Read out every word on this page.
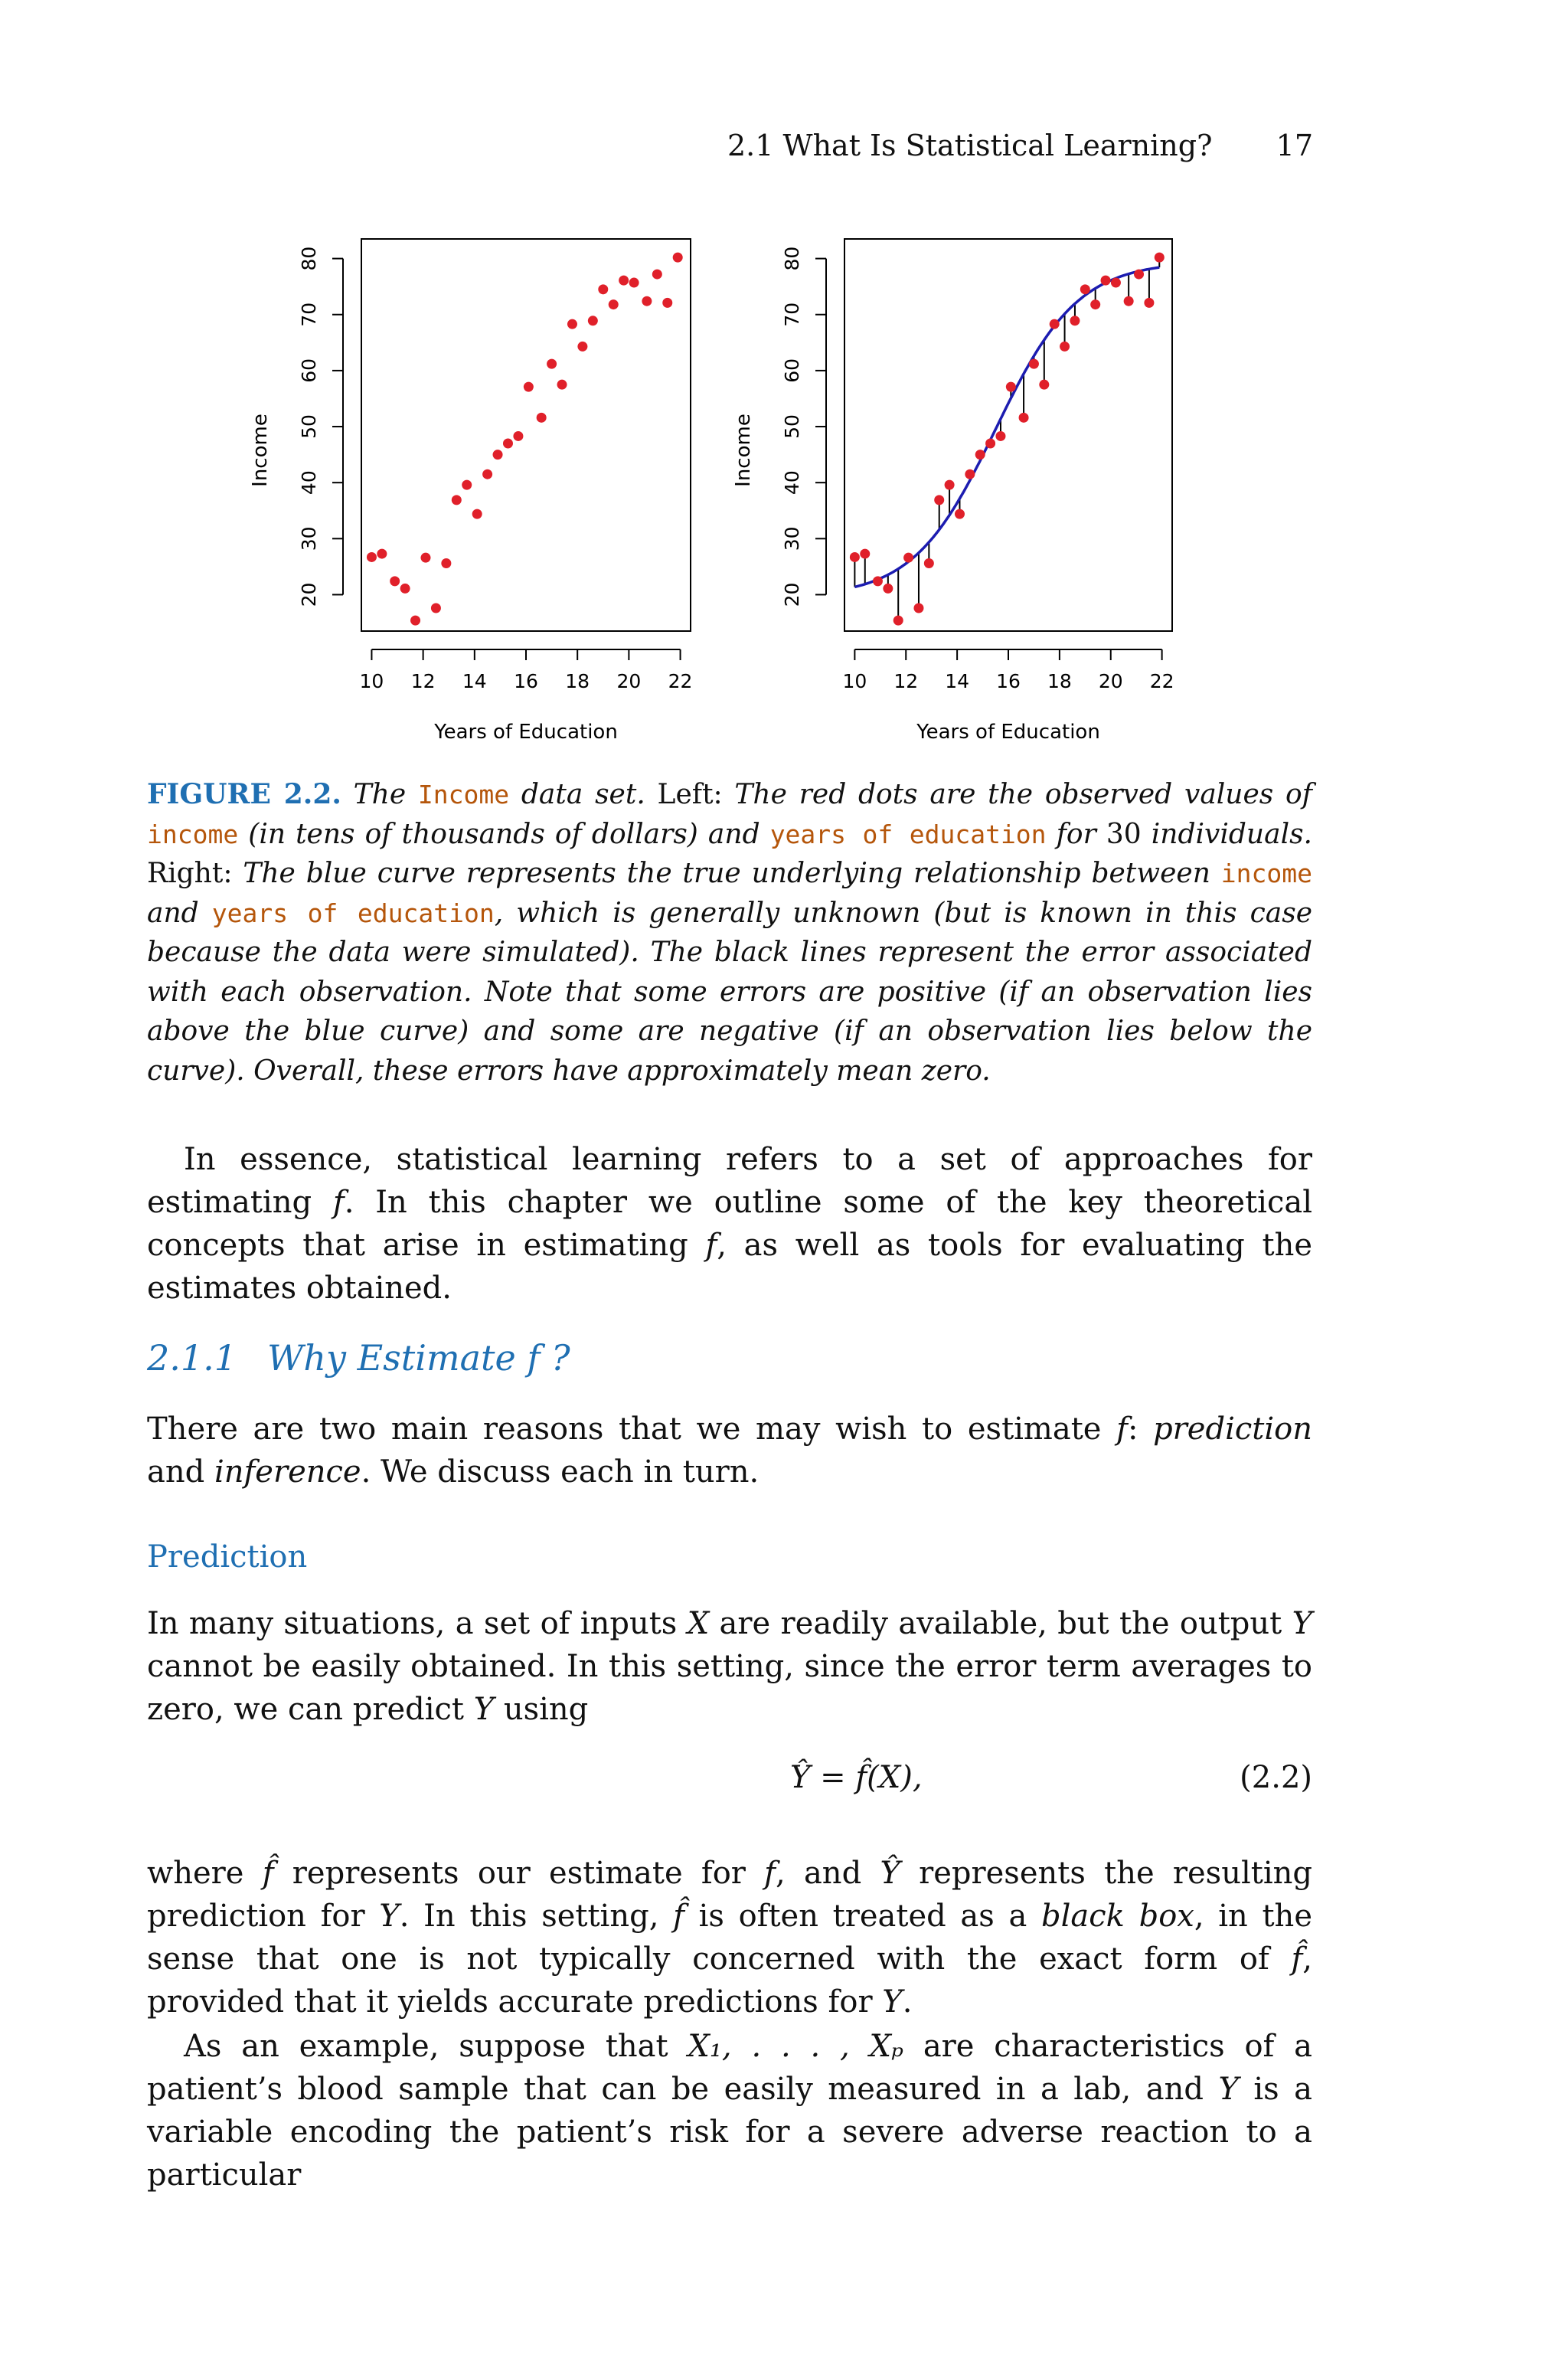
2.1 What Is Statistical Learning? 17
10 12 14 16 18 20 22
Years of Education
20
30
40
50
60
70
80
Income
10 12 14 16 18 20 22
Years of Education
20
30
40
50
60
70
80
Income
FIGURE 2.2. The Income data set. Left: The red dots are the observed values of income (in tens of thousands of dollars) and years of education for 30 individuals. Right: The blue curve represents the true underlying relationship between income and years of education, which is generally unknown (but is known in this case because the data were simulated). The black lines represent the error associated with each observation. Note that some errors are positive (if an observation lies above the blue curve) and some are negative (if an observation lies below the curve). Overall, these errors have approximately mean zero.
In essence, statistical learning refers to a set of approaches for estimating f. In this chapter we outline some of the key theoretical concepts that arise in estimating f, as well as tools for evaluating the estimates obtained.
2.1.1 Why Estimate f ?
There are two main reasons that we may wish to estimate f: prediction and inference. We discuss each in turn.
Prediction
In many situations, a set of inputs X are readily available, but the output Y cannot be easily obtained. In this setting, since the error term averages to zero, we can predict Y using
Ŷ = f̂(X),	(2.2)
where f̂ represents our estimate for f, and Ŷ represents the resulting prediction for Y. In this setting, f̂ is often treated as a black box, in the sense that one is not typically concerned with the exact form of f̂, provided that it yields accurate predictions for Y.
As an example, suppose that X₁, . . . , Xₚ are characteristics of a patient’s blood sample that can be easily measured in a lab, and Y is a variable encoding the patient’s risk for a severe adverse reaction to a particular
